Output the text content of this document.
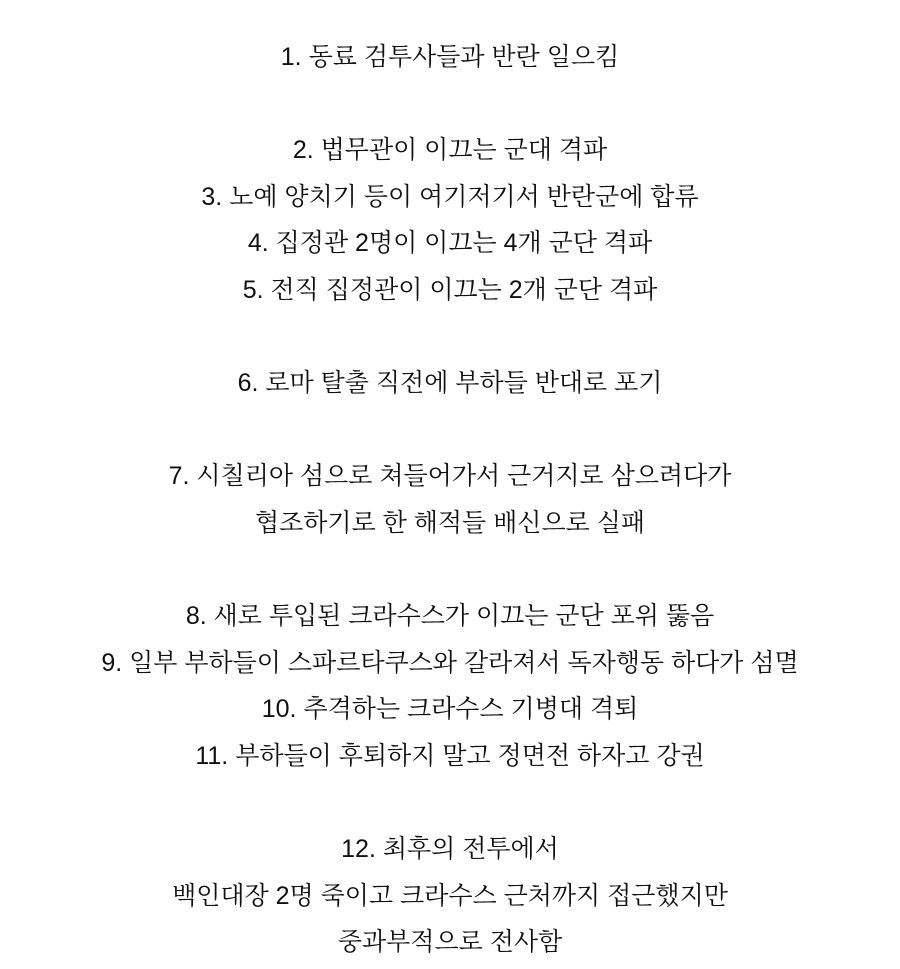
1. 동료 검투사들과 반란 일으킴
2. 법무관이 이끄는 군대 격파
3. 노예 양치기 등이 여기저기서 반란군에 합류
4. 집정관 2명이 이끄는 4개 군단 격파
5. 전직 집정관이 이끄는 2개 군단 격파
6. 로마 탈출 직전에 부하들 반대로 포기
7. 시칠리아 섬으로 쳐들어가서 근거지로 삼으려다가
협조하기로 한 해적들 배신으로 실패
8. 새로 투입된 크라수스가 이끄는 군단 포위 뚫음
9. 일부 부하들이 스파르타쿠스와 갈라져서 독자행동 하다가 섬멸
10. 추격하는 크라수스 기병대 격퇴
11. 부하들이 후퇴하지 말고 정면전 하자고 강권
12. 최후의 전투에서
백인대장 2명 죽이고 크라수스 근처까지 접근했지만
중과부적으로 전사함
